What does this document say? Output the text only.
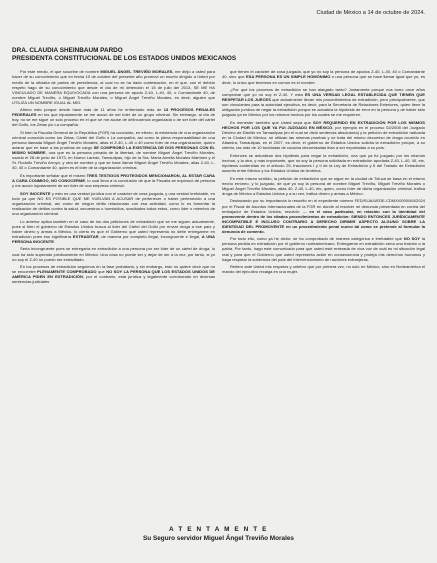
Ciudad de México a 14 de octubre de 2024.
DRA. CLAUDIA SHEINBAUM PARDO
PRESIDENTA CONSTITUCIONAL DE LOS ESTADOS UNIDOS MEXICANOS

Por este medio, el que suscribe de nombre MIGUEL ÁNGEL TREVIÑO MORALES, me dirijo a usted para hacer de su conocimiento que en fecha 10 de octubre del presente año promoví un escrito dirigido a Usted por medio de la oficialía de partes de presidencia, al cual no se ha dado contestación, en el que, con el debido respeto hago de su conocimiento que desde el día de mi detención el 15 de julio del 2013, SE ME HA VINCULADO DE MANERA EQUIVOCADA con una persona de apodo Z-40, L-40, 40, o Comandante 40, de nombre Miguel Treviño, o Miguel Treviño Morales, o Miguel Ángel Treviño Morales, es decir, alguien que UTILIZA UN NOMBRE IGUAL AL MÍO.

Afirmo esto porque desde hace más de 11 años he enfrentado más de 13 PROCESOS PENALES FEDERALES en los que injustamente se me acusó de ser líder de un grupo criminal. Sin embargo, al día de hoy, no se me sigue un solo proceso en el que se me acuse de delincuencia organizada o de ser líder del cártel del Golfo, los Zetas y/o La compañía.

Si bien la Fiscalía General de la República (FGR) ha concluido, en efecto, la existencia de una organización criminal conocida como los Zetas, Cártel del Golfo o La compañía, así como la plena responsabilidad de una persona llamada Miguel Ángel Treviño Morales, alias el Z-40, L-40 o 40 como líder de esa organización; quiero aclarar que en base a las pruebas de cargo SE COMPROBÓ LA EXISTENCIA DE DOS PERSONAS CON EL MISMO NOMBRE, una que es la persona privada de la libertad, de nombre Miguel Ángel Treviño Morales, nacido el 28 de junio de 1973, en Nuevo Laredo, Tamaulipas, hijo de la Sra. María Amelia Morales Martínez y el Sr. Rodolfo Treviño Arroyo, y otra de nombre y que se hace llamar Miguel Ángel Treviño Morales, alias Z-40, L-40, 40 o Comandante 40, quien es el líder de la organización criminal.

Es importante señalar que el mismo TRES TESTIGOS PROTEGIDOS MENCIONARON, AL ESTAR CARA A CARA CONMIGO, NO CONOCERME, lo cual lleva a la conclusión de que la Fiscalía se equivocó de persona y me acusó injustamente de ser líder de una empresa criminal.

SOY INOCENTE y esto es una verdad jurídica con el carácter de cosa juzgada, y una verdad irrefutable, en todo ya que NO ES POSIBLE QUE ME VUELVAN A ACUSAR de pertenecer o haber pertenecido a una organización criminal, así como de ningún delito relacionado con esa actividad, como lo es fomentar la realización de delitos contra la salud, secuestros u homicidios, suscitados todos estos, como líder o miembro de una organización criminal.

Lo anterior aplica también en el caso de los dos peticiones de extradición que se me siguen actualmente, pues si bien el gobierno de Estados Unidos busca al líder del Cártel del Golfo por enviar droga a ese país y haber dinero y armas a México, lo cierto es que el Gobierno que usted representa no debe entregarme en extradición pues eso significaría EXTRADITAR, de manera por completo ilegal, incongruente e ilegal, A UNA PERSONA INOCENTE.

Sería incongruente pues se entregaría en extradición a una persona por ser líder de un cártel de droga, lo cual ha sido superado jurídicamente en México. Una cosa no puede ser y dejar de ser a la vez; por tanto, si yo no soy el Z-40 no puedo ser extraditado.

En los procesos de extradición seguimos en la fase probatoria, y sin embargo, esto no quiere decir que no se encuentre PLENAMENTE COMPROBADO que NO SOY LA PERSONA QUE LOS ESTADOS UNIDOS DE AMÉRICA PIDEN EN EXTRADICIÓN, por el contrario, está jurídica y legalmente corroborado en diversas sentencias judiciales

que tienen el carácter de cosa juzgada, que yo no soy la persona de apodos Z-40, L-40, 40 o Comandante 40, sino que ESA PERSONA ES UN SIMPLE HOMÓNIMO o una persona que se hace llamar igual que yo, es decir, lo único que tenemos en común es el nombre.

¿Por qué los procesos de extradición se han alargado tanto? Justamente porque nos tomó once años comprobar que yo no soy el Z-40. Y esta ES UNA VERDAD LEGAL ESTABLECIDA QUE TIENEN QUE RESPETAR LOS JUECES que actualmente llevan mis procedimientos de extradición, pero principalmente, que son vinculantes para la autoridad ejecutiva, es decir, para la Secretaría de Relaciones Exteriores, quien tiene la obligación jurídica de negar la extradición porque se actualiza la hipótesis de error en la persona y de haber sido juzgado ya en México por los mismos hechos por los cuales se me requieren.

Es menester también que Usted sepa que SOY REQUERIDO EN EXTRADICIÓN POR LOS MISMOS HECHOS POR LOS QUE YA FUI JUZGADO EN MÉXICO, por ejemplo en el proceso 02/2008 del Juzgado Décimo de Distrito en Tamaulipas (en el cual se dictó sentencia absolutoria) y la petición de extradición radicada en la Ciudad de México, se utilizan las mismas pruebas y se trata del mismo decomiso de droga ocurrido en Altamira, Tamaulipas, en el 2007, es decir, el gobierno de Estados Unidos solicita la extradición porque, a su criterio, las más de 10 toneladas de cocaína decomisadas iban a ser exportadas a su país.

Entonces se actualizan dos hipótesis para negar la extradición, una que ya fui juzgado por los mismos hechos, y la otra, y más importante, que no soy la persona solicitada en extradición apodada Z-40, L-40, 40, etc, hipótesis contenidas en el artículo 25, fracciones I y II de la Ley de Extradición y 6 del Tratado de Extradición suscrito entre México y los Estados Unidos de América.

En este mismo sentido, la petición de extradición que se sigue en la ciudad de Toluca se basa en el mismo hecho erróneo, y lo juzgado, de que yo soy la persona de nombre Miguel Treviño, Miguel Treviño Morales o Miguel Ángel Treviño Morales, alias 40, Z-40, L-40, etc, quien, como líder de dicha organización criminal, trafica droga de México a Estados Unidos y a su vez, trafica dinero y armas a México.

Destacando por su importancia lo resuelto en el expediente número FED/SIJA/UEDE-CDMX/0000064/2024 por el Fiscal de Asuntos Internacionales de la FGR en donde al resolver mi denuncia presentada en contra del embajador de Estados Unidos, resolvió: … en el caso particular, en relación con la identidad del promovente dentro de los citados procedimientos de extradición: SIENDO ENTONCES JURÍDICAMENTE INCOMPATIBLE E INCLUSO CONTRARIO A DERECHO DIRIMIR ASPECTO ALGUNO SOBRE LA IDENTIDAD DEL PROMOVENTE en un procedimiento penal nuevo tal como se pretende al formular la denuncia de comento.

Por todo ello, como ya he dicho: se ha comprobado de manera categórica e irrefutable que NO SOY la persona pedida en extradición por el gobierno norteamericano. Entregarme en extradición sería una traición a la patria. Por tanto, hago este comunicado para que usted esté enterada de viva voz de cuál es mi situación legal real y para que el Gobierno que usted representa actúe en consecuencia y proteja mis derechos humanos y haga respetar la soberanía del país del intervencionismo de naciones extranjeras.

Reitero ante Usted mis respetos y celebro que por primera vez, no solo en México, sino en Norteamérica el mando del ejecutivo recaiga en una mujer.

A T E N T A M E N T E
Su Seguro servidor Miguel Ángel Treviño Morales
